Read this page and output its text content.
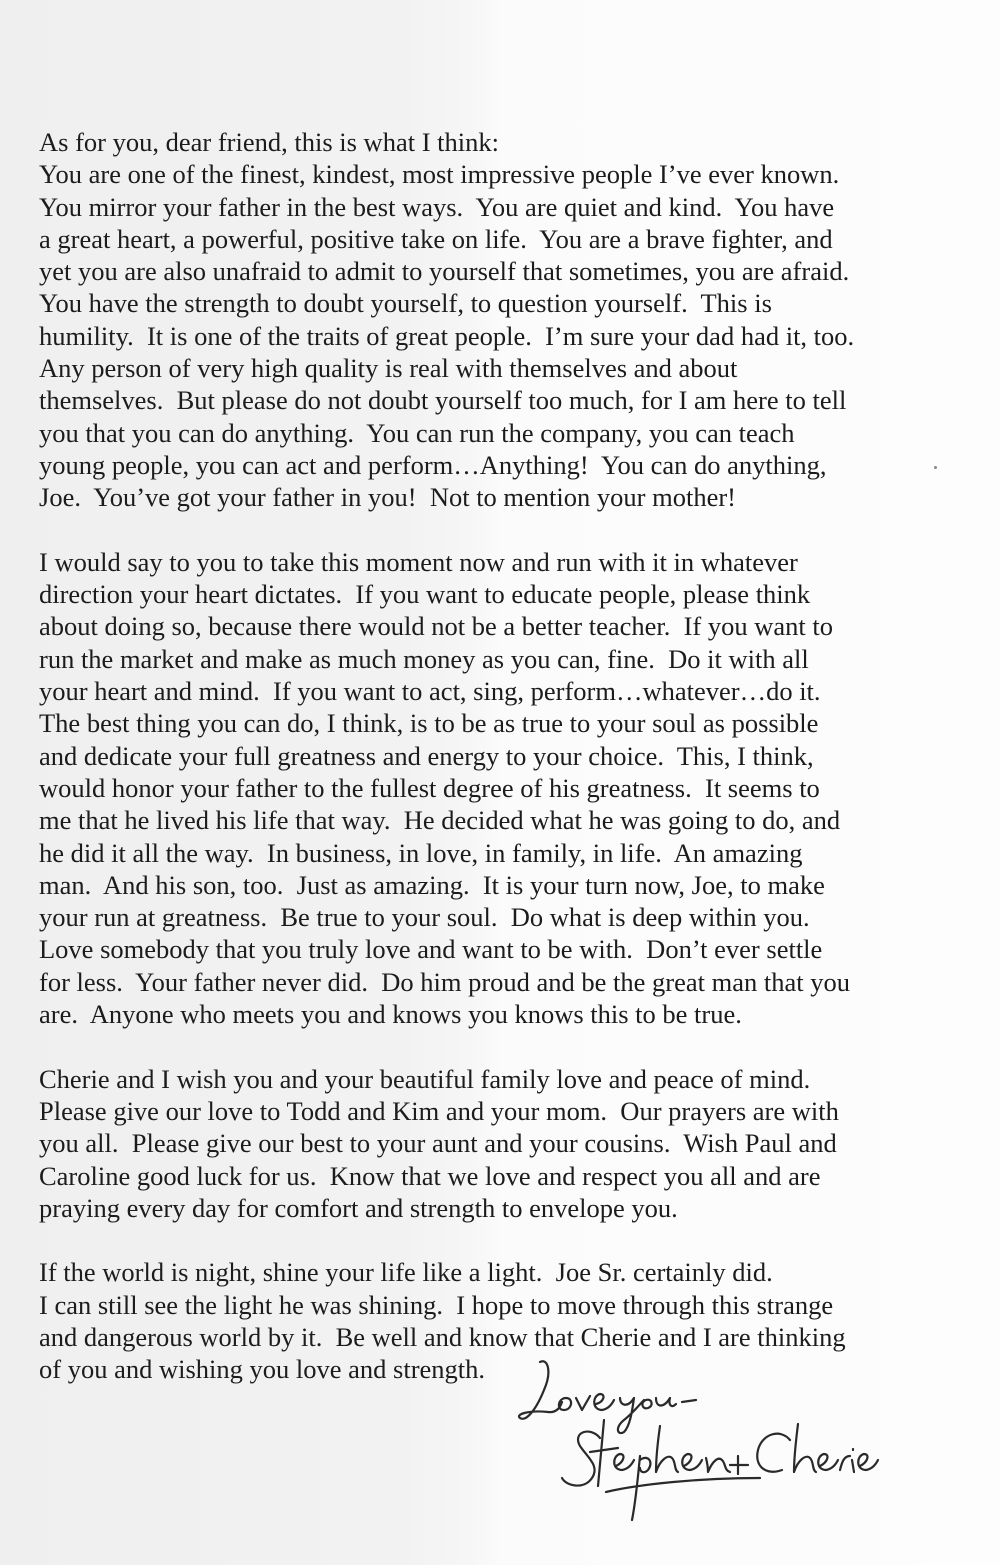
As for you, dear friend, this is what I think:
You are one of the finest, kindest, most impressive people I’ve ever known.
You mirror your father in the best ways.  You are quiet and kind.  You have
a great heart, a powerful, positive take on life.  You are a brave fighter, and
yet you are also unafraid to admit to yourself that sometimes, you are afraid.
You have the strength to doubt yourself, to question yourself.  This is
humility.  It is one of the traits of great people.  I’m sure your dad had it, too.
Any person of very high quality is real with themselves and about
themselves.  But please do not doubt yourself too much, for I am here to tell
you that you can do anything.  You can run the company, you can teach
young people, you can act and perform…Anything!  You can do anything,
Joe.  You’ve got your father in you!  Not to mention your mother!
I would say to you to take this moment now and run with it in whatever
direction your heart dictates.  If you want to educate people, please think
about doing so, because there would not be a better teacher.  If you want to
run the market and make as much money as you can, fine.  Do it with all
your heart and mind.  If you want to act, sing, perform…whatever…do it.
The best thing you can do, I think, is to be as true to your soul as possible
and dedicate your full greatness and energy to your choice.  This, I think,
would honor your father to the fullest degree of his greatness.  It seems to
me that he lived his life that way.  He decided what he was going to do, and
he did it all the way.  In business, in love, in family, in life.  An amazing
man.  And his son, too.  Just as amazing.  It is your turn now, Joe, to make
your run at greatness.  Be true to your soul.  Do what is deep within you.
Love somebody that you truly love and want to be with.  Don’t ever settle
for less.  Your father never did.  Do him proud and be the great man that you
are.  Anyone who meets you and knows you knows this to be true.
Cherie and I wish you and your beautiful family love and peace of mind.
Please give our love to Todd and Kim and your mom.  Our prayers are with
you all.  Please give our best to your aunt and your cousins.  Wish Paul and
Caroline good luck for us.  Know that we love and respect you all and are
praying every day for comfort and strength to envelope you.
If the world is night, shine your life like a light.  Joe Sr. certainly did.
I can still see the light he was shining.  I hope to move through this strange
and dangerous world by it.  Be well and know that Cherie and I are thinking
of you and wishing you love and strength.
